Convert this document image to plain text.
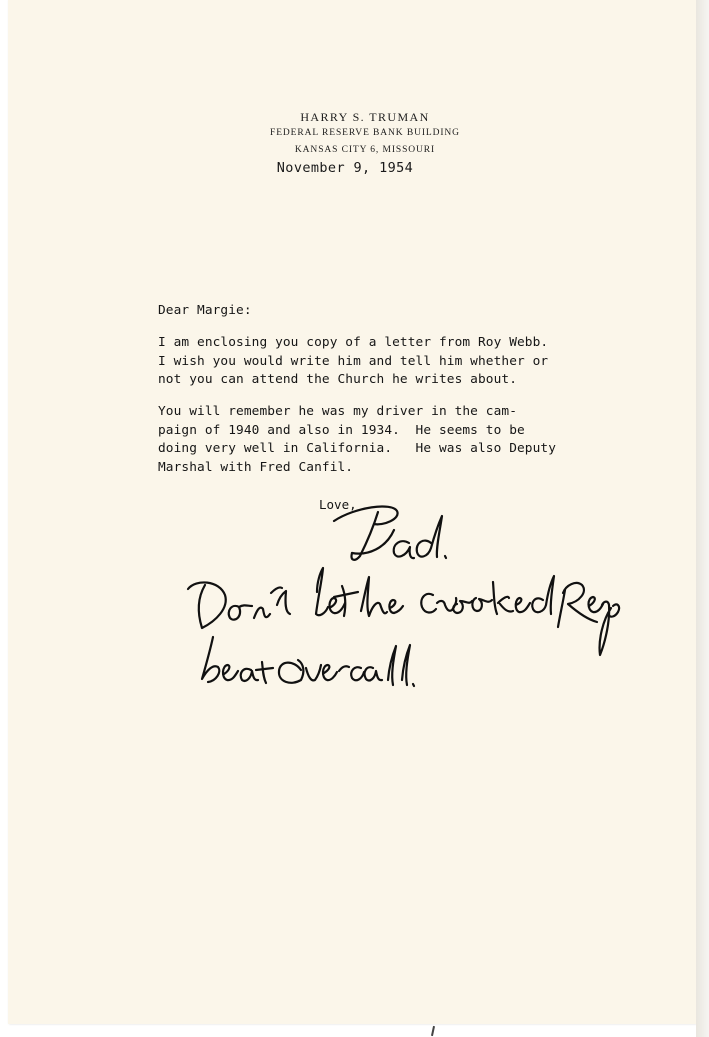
HARRY S. TRUMAN
FEDERAL RESERVE BANK BUILDING
KANSAS CITY 6, MISSOURI
November 9, 1954
Dear Margie:
I am enclosing you copy of a letter from Roy Webb.
I wish you would write him and tell him whether or
not you can attend the Church he writes about.
You will remember he was my driver in the cam-
paign of 1940 and also in 1934.  He seems to be
doing very well in California.   He was also Deputy
Marshal with Fred Canfil.
Love,
